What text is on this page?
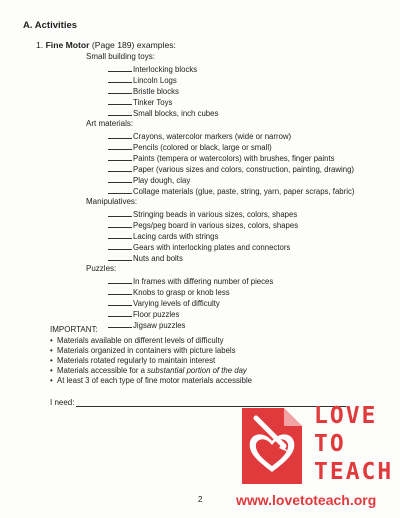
A. Activities
1. Fine Motor (Page 189) examples:
Small building toys:
Interlocking blocks
Lincoln Logs
Bristle blocks
Tinker Toys
Small blocks, inch cubes
Art materials:
Crayons, watercolor markers (wide or narrow)
Pencils (colored or black, large or small)
Paints (tempera or watercolors) with brushes, finger paints
Paper (various sizes and colors, construction, painting, drawing)
Play dough, clay
Collage materials (glue, paste, string, yarn, paper scraps, fabric)
Manipulatives:
Stringing beads in various sizes, colors, shapes
Pegs/peg board in various sizes, colors, shapes
Lacing cards with strings
Gears with interlocking plates and connectors
Nuts and bolts
Puzzles:
In frames with differing number of pieces
Knobs to grasp or knob less
Varying levels of difficulty
Floor puzzles
Jigsaw puzzles
IMPORTANT:
• Materials available on different levels of difficulty
• Materials organized in containers with picture labels
• Materials rotated regularly to maintain interest
• Materials accessible for a substantial portion of the day
• At least 3 of each type of fine motor materials accessible
I need:
LOVE
TO
TEACH
www.lovetoteach.org
2
